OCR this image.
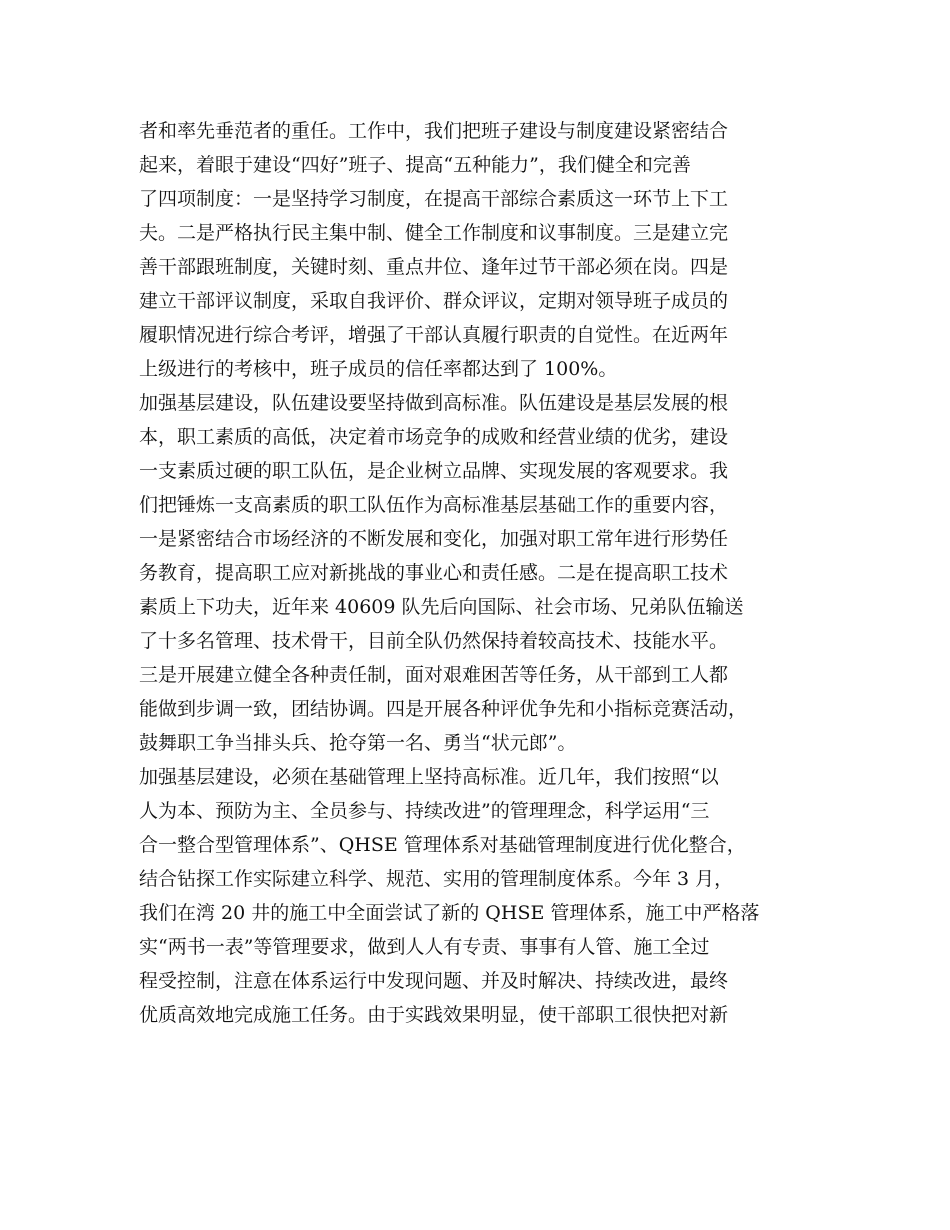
者和率先垂范者的重任。工作中，我们把班子建设与制度建设紧密结合
起来，着眼于建设“四好”班子、提高“五种能力”，我们健全和完善
了四项制度：一是坚持学习制度，在提高干部综合素质这一环节上下工
夫。二是严格执行民主集中制、健全工作制度和议事制度。三是建立完
善干部跟班制度，关键时刻、重点井位、逢年过节干部必须在岗。四是
建立干部评议制度，采取自我评价、群众评议，定期对领导班子成员的
履职情况进行综合考评，增强了干部认真履行职责的自觉性。在近两年
上级进行的考核中，班子成员的信任率都达到了 100%。
加强基层建设，队伍建设要坚持做到高标准。队伍建设是基层发展的根
本，职工素质的高低，决定着市场竞争的成败和经营业绩的优劣，建设
一支素质过硬的职工队伍，是企业树立品牌、实现发展的客观要求。我
们把锤炼一支高素质的职工队伍作为高标准基层基础工作的重要内容，
一是紧密结合市场经济的不断发展和变化，加强对职工常年进行形势任
务教育，提高职工应对新挑战的事业心和责任感。二是在提高职工技术
素质上下功夫，近年来 40609 队先后向国际、社会市场、兄弟队伍输送
了十多名管理、技术骨干，目前全队仍然保持着较高技术、技能水平。
三是开展建立健全各种责任制，面对艰难困苦等任务，从干部到工人都
能做到步调一致，团结协调。四是开展各种评优争先和小指标竞赛活动，
鼓舞职工争当排头兵、抢夺第一名、勇当“状元郎”。
加强基层建设，必须在基础管理上坚持高标准。近几年，我们按照“以
人为本、预防为主、全员参与、持续改进”的管理理念，科学运用“三
合一整合型管理体系”、QHSE 管理体系对基础管理制度进行优化整合，
结合钻探工作实际建立科学、规范、实用的管理制度体系。今年 3 月，
我们在湾 20 井的施工中全面尝试了新的 QHSE 管理体系，施工中严格落
实“两书一表”等管理要求，做到人人有专责、事事有人管、施工全过
程受控制，注意在体系运行中发现问题、并及时解决、持续改进，最终
优质高效地完成施工任务。由于实践效果明显，使干部职工很快把对新
